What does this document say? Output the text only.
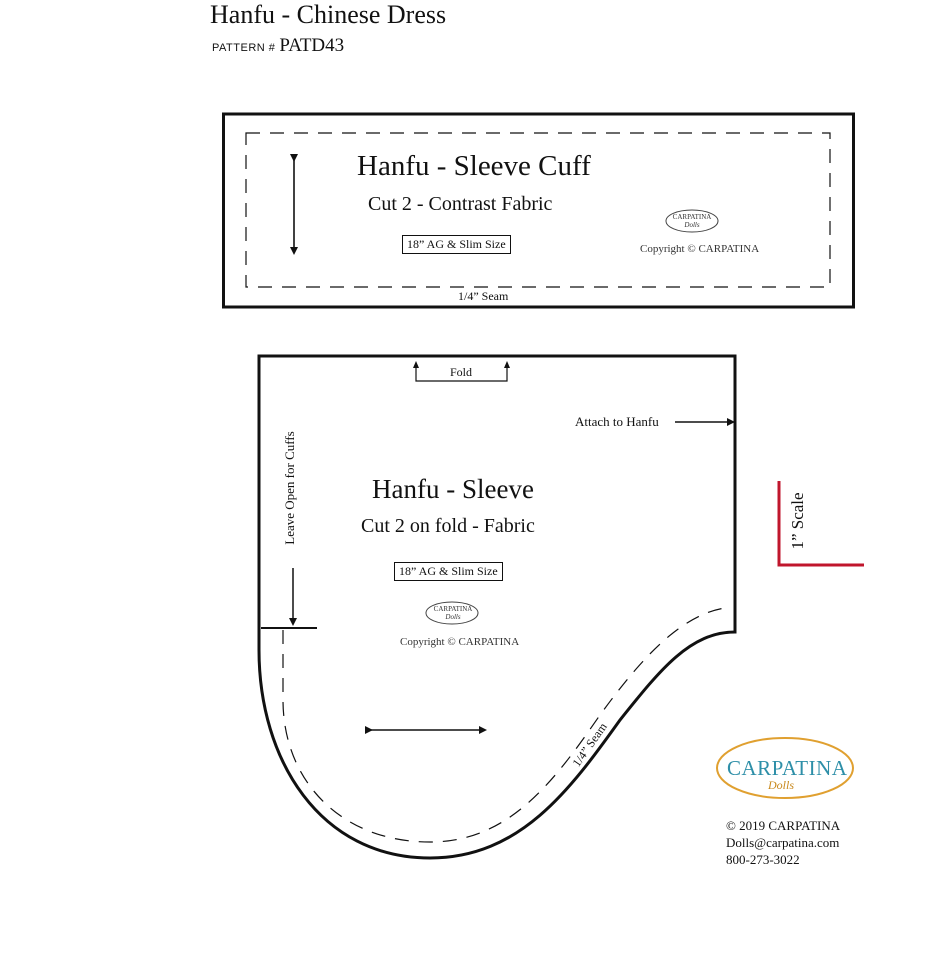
Hanfu - Chinese Dress
PATTERN # PATD43
Hanfu - Sleeve Cuff
Cut 2 - Contrast Fabric
18” AG & Slim Size
CARPATINA
Dolls
Copyright © CARPATINA
1/4” Seam
Fold
Attach to Hanfu
Leave Open for Cuffs	Hanfu - Sleeve
Cut 2 on fold - Fabric
18” AG & Slim Size
CARPATINA
Dolls
Copyright © CARPATINA
1/4” Seam
1” Scale
CARPATINA
Dolls
© 2019 CARPATINA
Dolls@carpatina.com
800-273-3022
